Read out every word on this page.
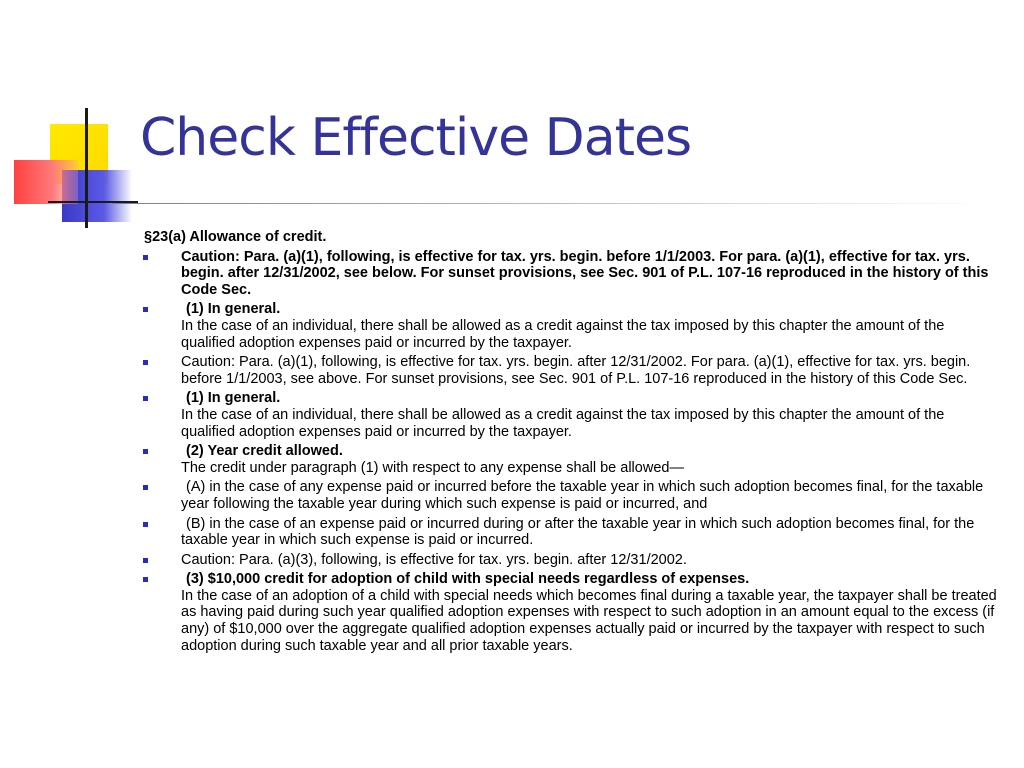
Check Effective Dates
§23(a) Allowance of credit.
Caution: Para. (a)(1), following, is effective for tax. yrs. begin. before 1/1/2003. For para. (a)(1), effective for tax. yrs. begin. after 12/31/2002, see below. For sunset provisions, see Sec. 901 of P.L. 107-16 reproduced in the history of this Code Sec.
(1) In general.
In the case of an individual, there shall be allowed as a credit against the tax imposed by this chapter the amount of the qualified adoption expenses paid or incurred by the taxpayer.
Caution: Para. (a)(1), following, is effective for tax. yrs. begin. after 12/31/2002. For para. (a)(1), effective for tax. yrs. begin. before 1/1/2003, see above. For sunset provisions, see Sec. 901 of P.L. 107-16 reproduced in the history of this Code Sec.
(1) In general.
In the case of an individual, there shall be allowed as a credit against the tax imposed by this chapter the amount of the qualified adoption expenses paid or incurred by the taxpayer.
(2) Year credit allowed.
The credit under paragraph (1) with respect to any expense shall be allowed—
(A) in the case of any expense paid or incurred before the taxable year in which such adoption becomes final, for the taxable year following the taxable year during which such expense is paid or incurred, and
(B) in the case of an expense paid or incurred during or after the taxable year in which such adoption becomes final, for the taxable year in which such expense is paid or incurred.
Caution: Para. (a)(3), following, is effective for tax. yrs. begin. after 12/31/2002.
(3) $10,000 credit for adoption of child with special needs regardless of expenses.
In the case of an adoption of a child with special needs which becomes final during a taxable year, the taxpayer shall be treated as having paid during such year qualified adoption expenses with respect to such adoption in an amount equal to the excess (if any) of $10,000 over the aggregate qualified adoption expenses actually paid or incurred by the taxpayer with respect to such adoption during such taxable year and all prior taxable years.
